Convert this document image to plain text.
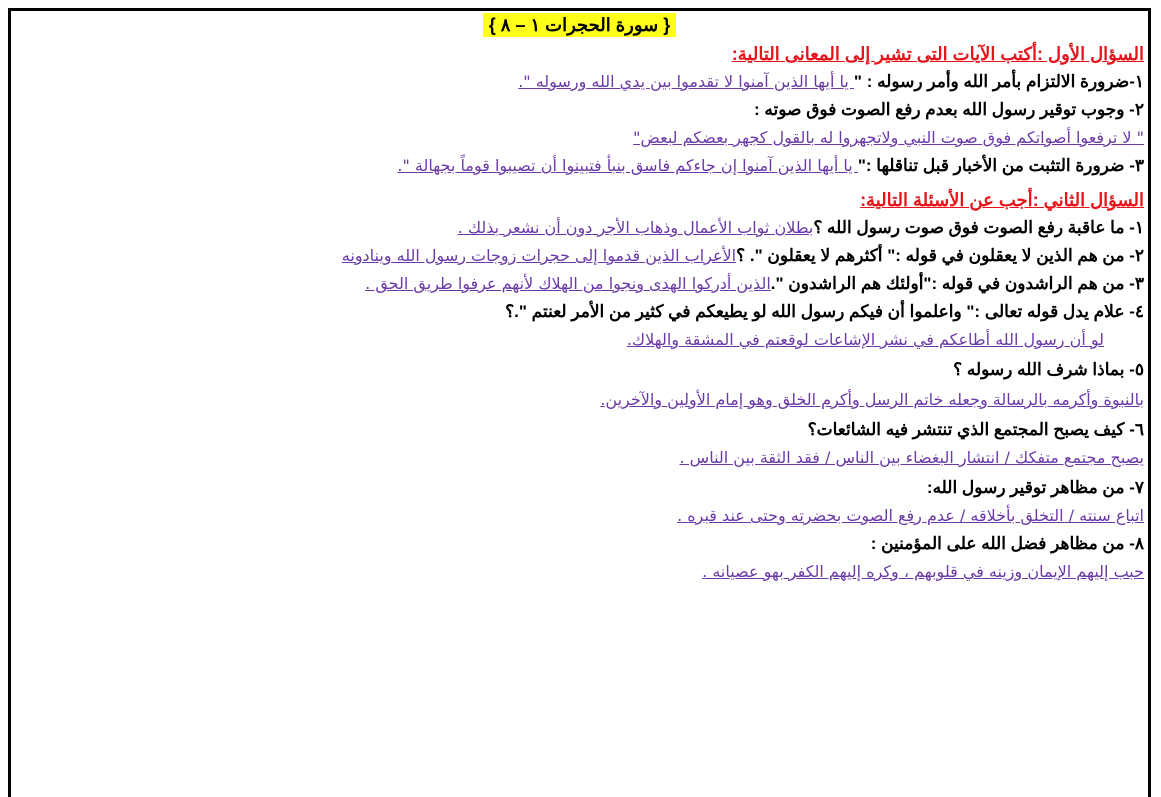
{ سورة الحجرات ١ – ٨ }
السؤال الأول :أكتب الآيات التى تشير إلى المعانى التالية:
١-ضرورة الالتزام بأمر الله وأمر رسوله : " يا أيها الذين آمنوا لا تقدموا بين يدي الله ورسوله ".
٢- وجوب توقير رسول الله بعدم رفع الصوت فوق صوته :
" لا ترفعوا أصواتكم فوق صوت النبي ولاتجهروا له بالقول كجهر بعضكم لبعض"
٣- ضرورة التثبت من الأخبار قبل تناقلها :" يا أيها الذين آمنوا إن جاءكم فاسق بنبأ فتبينوا أن تصيبوا قوماً بجهالة ".
السؤال الثاني :أجب عن الأسئلة التالية:
١- ما عاقبة رفع الصوت فوق صوت رسول الله ؟بطلان ثواب الأعمال وذهاب الأجر دون أن نشعر بذلك .
٢- من هم الذين لا يعقلون في قوله :" أكثرهم لا يعقلون ". ؟الأعراب الذين قدموا إلى حجرات زوجات رسول الله وينادونه
٣- من هم الراشدون في قوله :"أولئك هم الراشدون ".الذين أدركوا الهدى ونجوا من الهلاك لأنهم عرفوا طريق الحق .
٤- علام يدل قوله تعالى :" واعلموا أن فيكم رسول الله لو يطيعكم في كثير من الأمر لعنتم ".؟
لو أن رسول الله أطاعكم في نشر الإشاعات لوقعتم في المشقة والهلاك.
٥- بماذا شرف الله رسوله ؟
بالنبوة وأكرمه بالرسالة وجعله خاتم الرسل وأكرم الخلق وهو إمام الأولين والآخرين.
٦- كيف يصبح المجتمع الذي تنتشر فيه الشائعات؟
يصبح مجتمع متفكك / انتشار البغضاء بين الناس / فقد الثقة بين الناس .
٧- من مظاهر توقير رسول الله:
اتباع سنته / التخلق بأخلاقه / عدم رفع الصوت بحضرته وحتى عند قبره .
٨- من مظاهر فضل الله على المؤمنين :
حبب إليهم الإيمان وزينه في قلوبهم ، وكره إليهم الكفر بهو عصيانه .
